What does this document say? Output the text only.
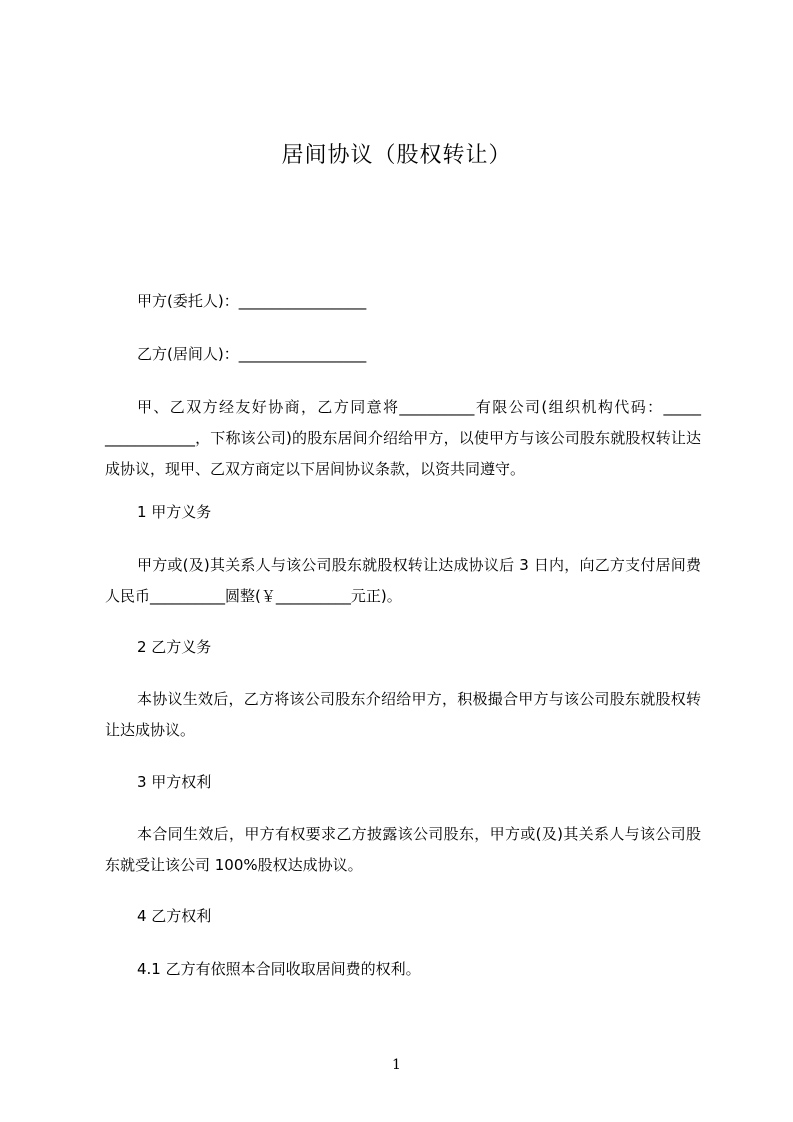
居间协议（股权转让）
甲方(委托人)：_________________
乙方(居间人)：_________________
甲、乙双方经友好协商，乙方同意将__________有限公司(组织机构代码：_____ ____________，下称该公司)的股东居间介绍给甲方，以使甲方与该公司股东就股权转让达成协议，现甲、乙双方商定以下居间协议条款，以资共同遵守。
1 甲方义务
甲方或(及)其关系人与该公司股东就股权转让达成协议后 3 日内，向乙方支付居间费人民币__________圆整(￥__________元正)。
2 乙方义务
本协议生效后，乙方将该公司股东介绍给甲方，积极撮合甲方与该公司股东就股权转让达成协议。
3 甲方权利
本合同生效后，甲方有权要求乙方披露该公司股东，甲方或(及)其关系人与该公司股东就受让该公司 100%股权达成协议。
4 乙方权利
4.1 乙方有依照本合同收取居间费的权利。
1
